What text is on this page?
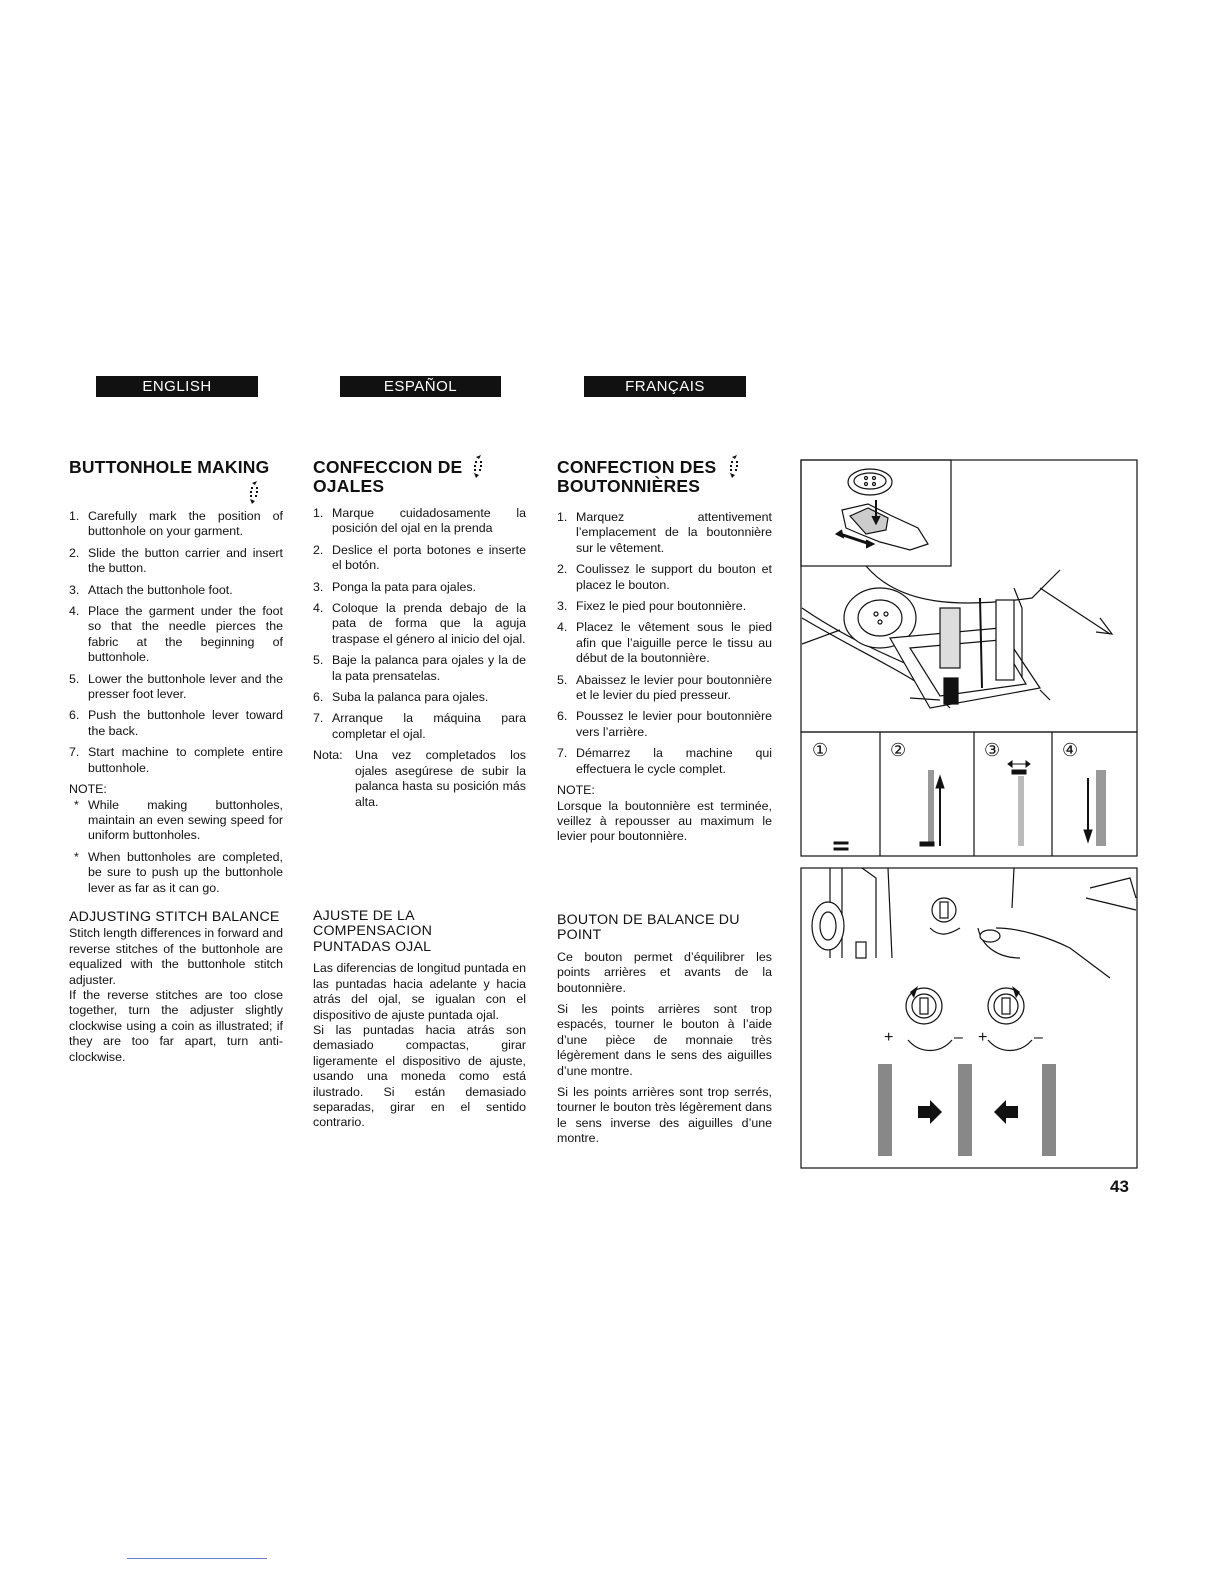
ENGLISH	ESPAÑOL	FRANÇAIS
BUTTONHOLE MAKING
1. Carefully mark the position of buttonhole on your garment.
2. Slide the button carrier and insert the button.
3. Attach the buttonhole foot.
4. Place the garment under the foot so that the needle pierces the fabric at the beginning of buttonhole.
5. Lower the buttonhole lever and the presser foot lever.
6. Push the buttonhole lever toward the back.
7. Start machine to complete entire buttonhole.
NOTE:
* While making buttonholes, maintain an even sewing speed for uniform buttonholes.
* When buttonholes are completed, be sure to push up the buttonhole lever as far as it can go.
ADJUSTING STITCH BALANCE

Stitch length differences in forward and reverse stitches of the buttonhole are equalized with the buttonhole stitch adjuster.

If the reverse stitches are too close together, turn the adjuster slightly clockwise using a coin as illustrated; if they are too far apart, turn anti-clockwise.

CONFECCION DE
OJALES
1. Marque cuidadosamente la posición del ojal en la prenda
2. Deslice el porta botones e inserte el botón.
3. Ponga la pata para ojales.
4. Coloque la prenda debajo de la pata de forma que la aguja traspase el género al inicio del ojal.
5. Baje la palanca para ojales y la de la pata prensatelas.
6. Suba la palanca para ojales.
7. Arranque la máquina para completar el ojal.
Nota: Una vez completados los ojales asegúrese de subir la palanca hasta su posición más alta.
AJUSTE DE LA COMPENSACION PUNTADAS OJAL

Las diferencias de longitud puntada en las puntadas hacia adelante y hacia atrás del ojal, se igualan con el dispositivo de ajuste puntada ojal.

Si las puntadas hacia atrás son demasiado compactas, girar ligeramente el dispositivo de ajuste, usando una moneda como está ilustrado. Si están demasiado separadas, girar en el sentido contrario.

CONFECTION DES
BOUTONNIÈRES
1. Marquez attentivement l’emplacement de la boutonnière sur le vêtement.
2. Coulissez le support du bouton et placez le bouton.
3. Fixez le pied pour boutonnière.
4. Placez le vêtement sous le pied afin que l’aiguille perce le tissu au début de la boutonnière.
5. Abaissez le levier pour boutonnière et le levier du pied presseur.
6. Poussez le levier pour boutonnière vers l’arrière.
7. Démarrez la machine qui effectuera le cycle complet.
NOTE:

Lorsque la boutonnière est terminée, veillez à repousser au maximum le levier pour boutonnière.

BOUTON DE BALANCE DU POINT

Ce bouton permet d’équilibrer les points arrières et avants de la boutonnière.

Si les points arrières sont trop espacés, tourner le bouton à l’aide d’une pièce de monnaie très légèrement dans le sens des aiguilles d’une montre.

Si les points arrières sont trop serrés, tourner le bouton très légèrement dans le sens inverse des aiguilles d’une montre.

①	②	③	④
+	– +	–
43
